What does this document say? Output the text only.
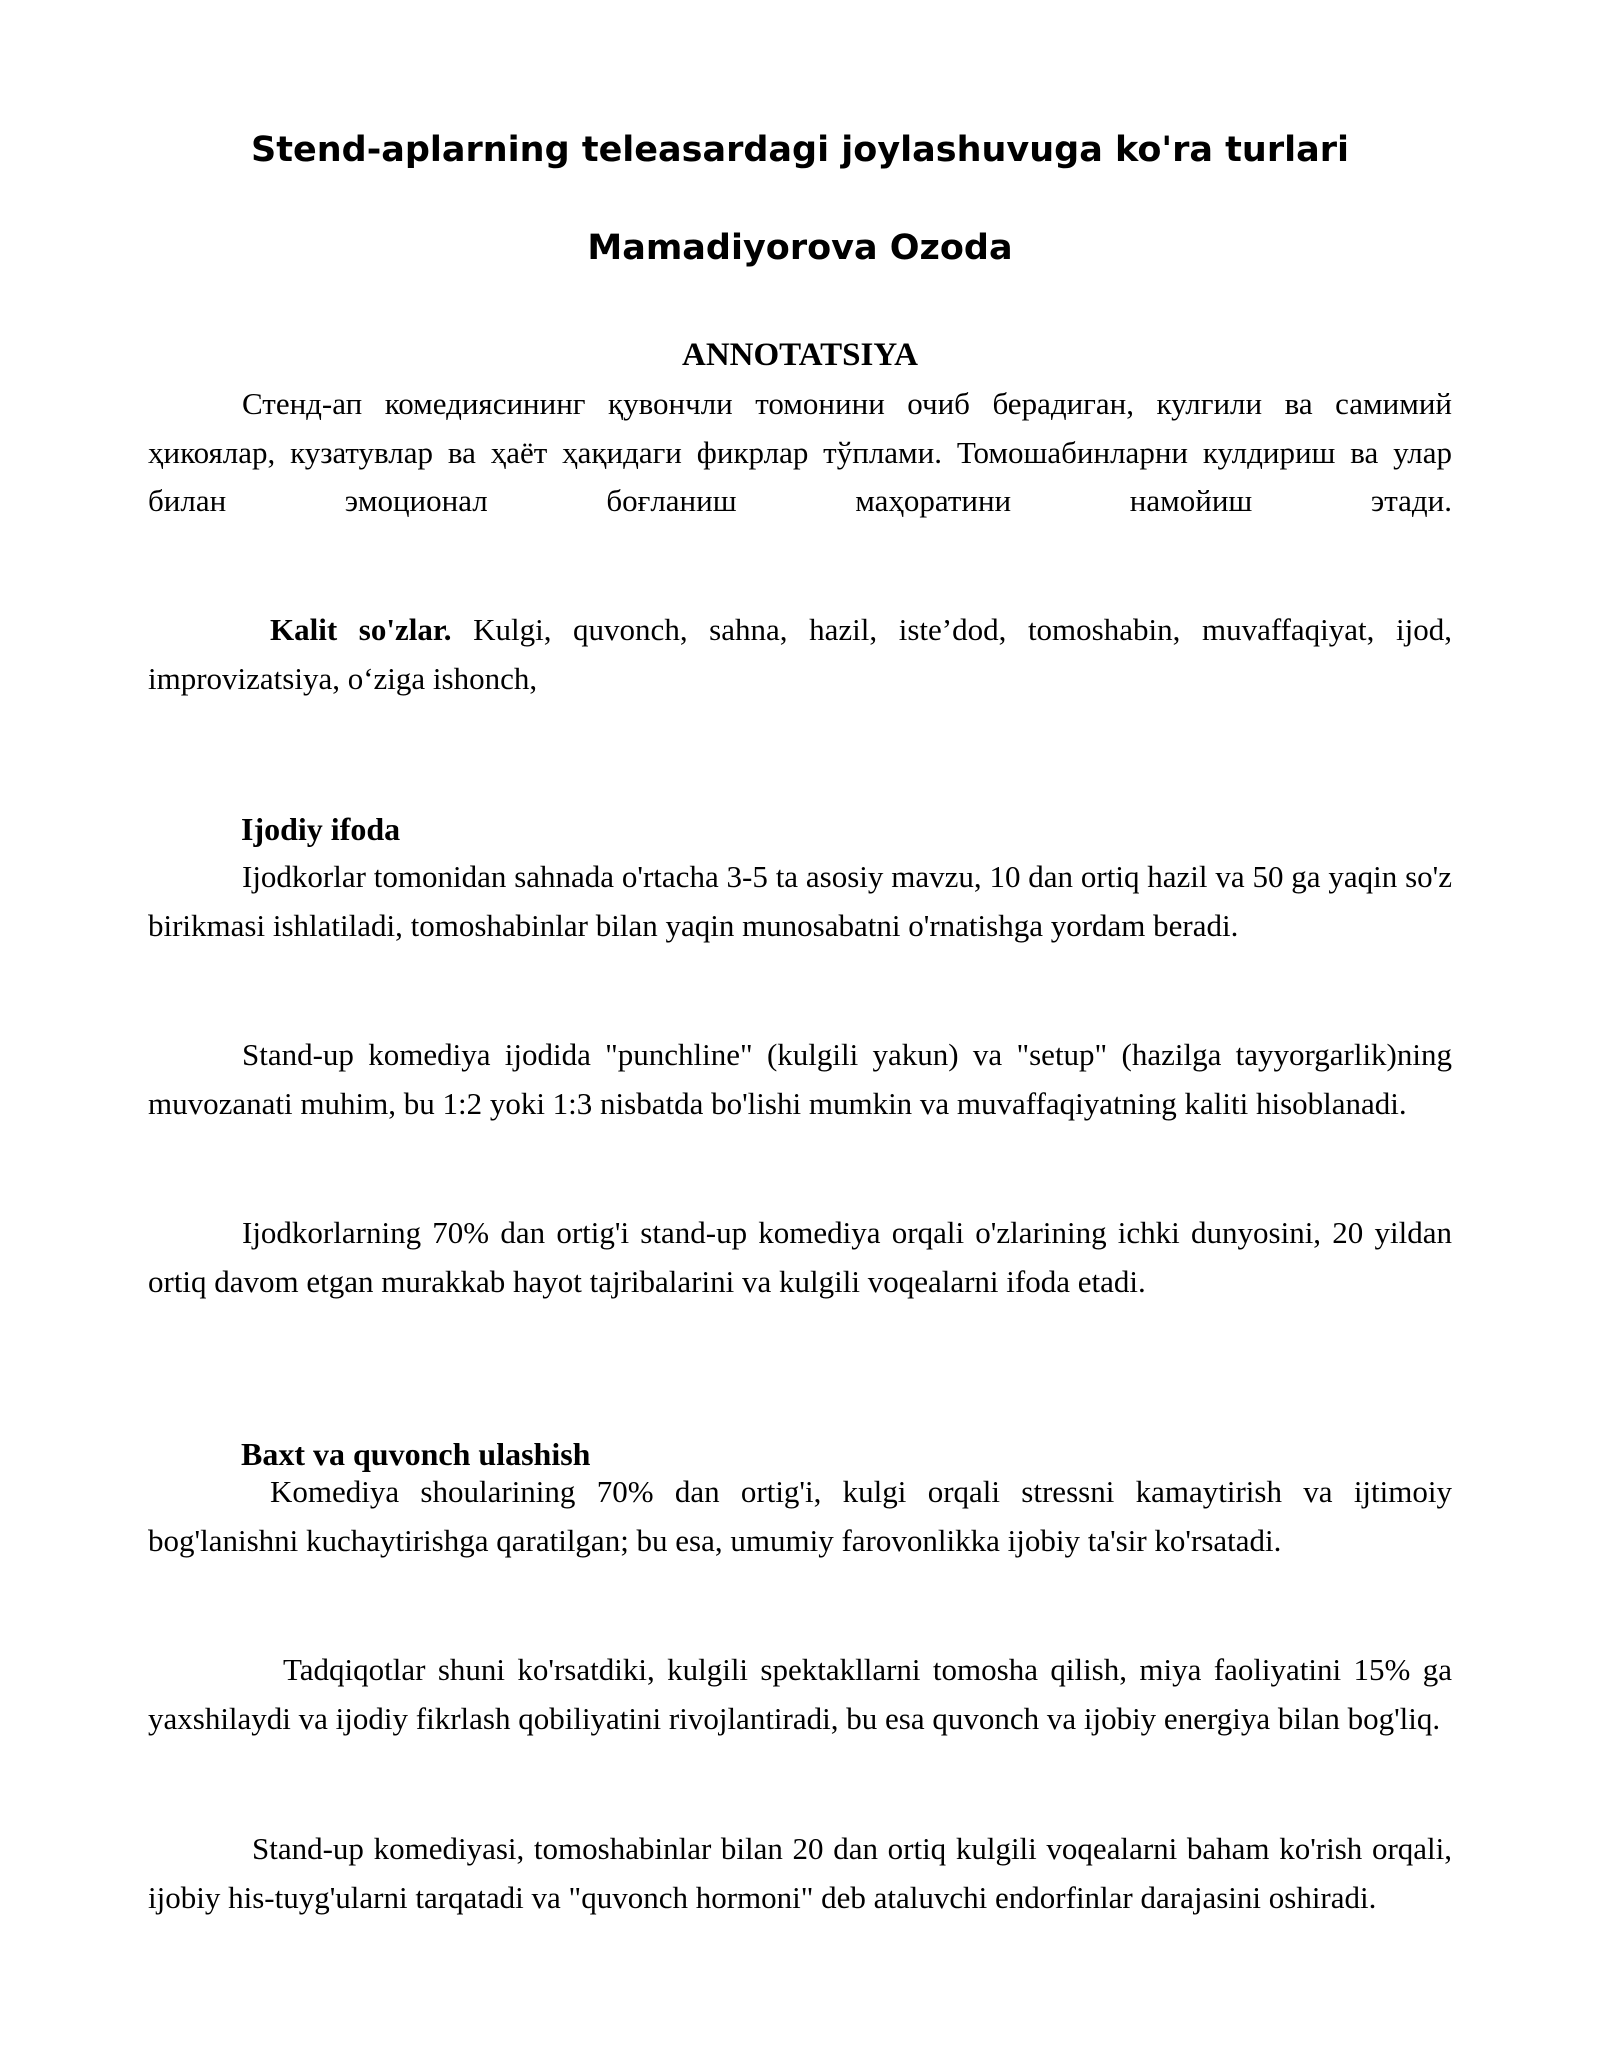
Stend-aplarning teleasardagi joylashuvuga ko'ra turlari
Mamadiyorova Ozoda
ANNOTATSIYA

Стенд-ап комедиясининг қувончли томонини очиб берадиган, кулгили ва самимий ҳикоялар, кузатувлар ва ҳаёт ҳақидаги фикрлар тўплами. Томошабинларни кулдириш ва улар билан эмоционал боғланиш маҳоратини намойиш этади.

Kalit so'zlar. Kulgi, quvonch, sahna, hazil, iste’dod, tomoshabin, muvaffaqiyat, ijod, improvizatsiya, o‘ziga ishonch,

Ijodiy ifoda

Ijodkorlar tomonidan sahnada o'rtacha 3-5 ta asosiy mavzu, 10 dan ortiq hazil va 50 ga yaqin so'z birikmasi ishlatiladi, tomoshabinlar bilan yaqin munosabatni o'rnatishga yordam beradi.

Stand-up komediya ijodida "punchline" (kulgili yakun) va "setup" (hazilga tayyorgarlik)ning muvozanati muhim, bu 1:2 yoki 1:3 nisbatda bo'lishi mumkin va muvaffaqiyatning kaliti hisoblanadi.

Ijodkorlarning 70% dan ortig'i stand-up komediya orqali o'zlarining ichki dunyosini, 20 yildan ortiq davom etgan murakkab hayot tajribalarini va kulgili voqealarni ifoda etadi.

Baxt va quvonch ulashish

Komediya shoularining 70% dan ortig'i, kulgi orqali stressni kamaytirish va ijtimoiy bog'lanishni kuchaytirishga qaratilgan; bu esa, umumiy farovonlikka ijobiy ta'sir ko'rsatadi.

Tadqiqotlar shuni ko'rsatdiki, kulgili spektakllarni tomosha qilish, miya faoliyatini 15% ga yaxshilaydi va ijodiy fikrlash qobiliyatini rivojlantiradi, bu esa quvonch va ijobiy energiya bilan bog'liq.

Stand-up komediyasi, tomoshabinlar bilan 20 dan ortiq kulgili voqealarni baham ko'rish orqali, ijobiy his-tuyg'ularni tarqatadi va "quvonch hormoni" deb ataluvchi endorfinlar darajasini oshiradi.
